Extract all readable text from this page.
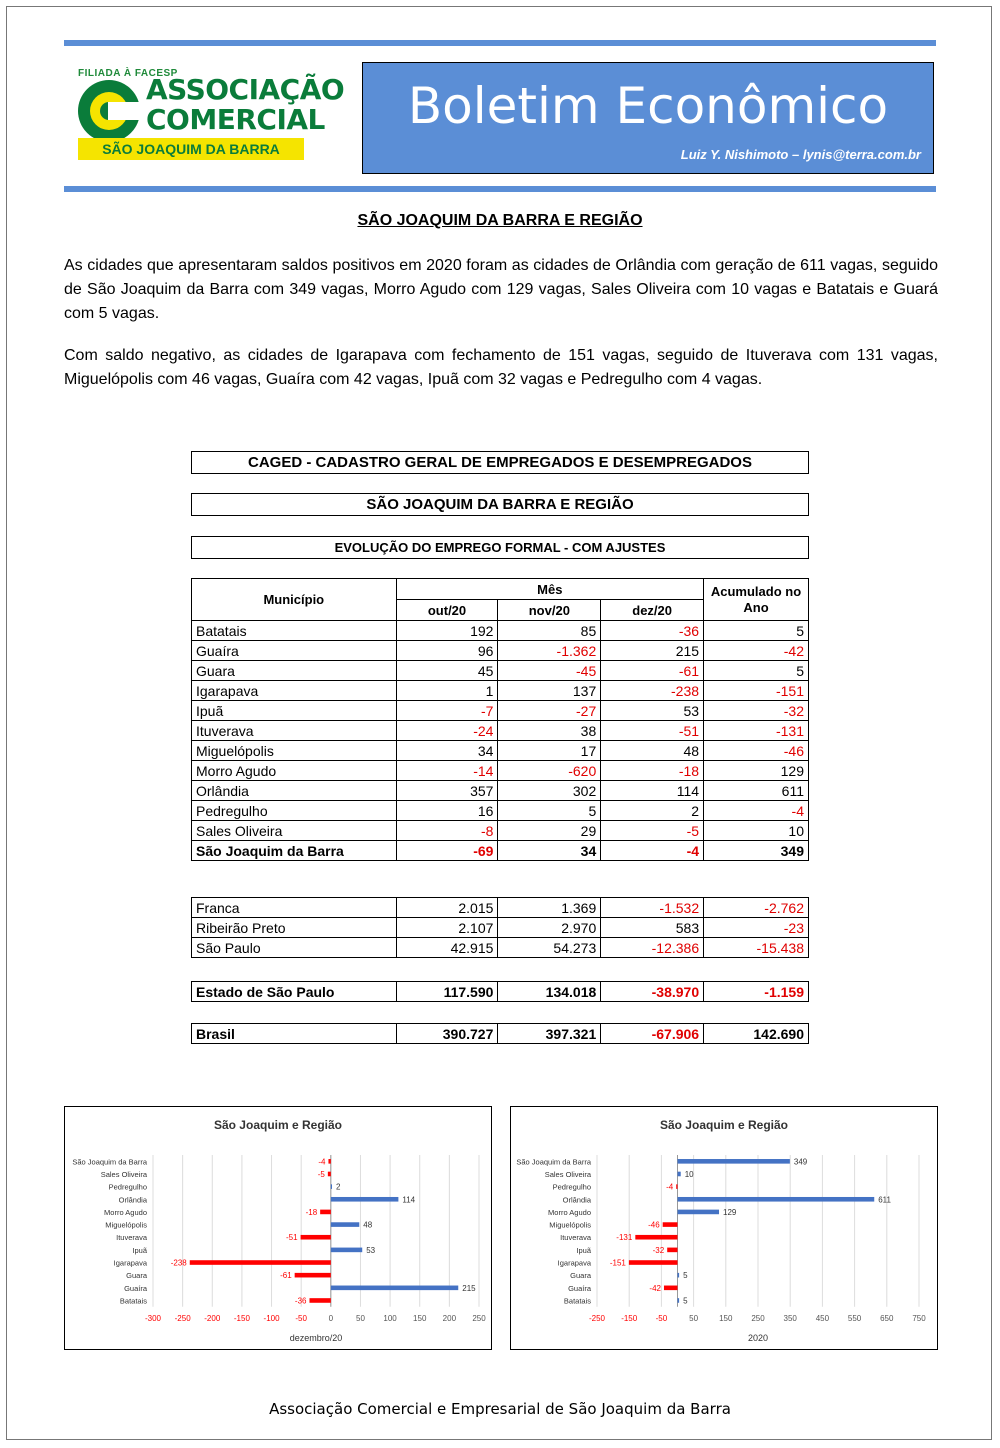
FILIADA À FACESP
ASSOCIAÇÃO
COMERCIAL
SÃO JOAQUIM DA BARRA
Boletim Econômico
Luiz Y. Nishimoto – lynis@terra.com.br
SÃO JOAQUIM DA BARRA E REGIÃO
As cidades que apresentaram saldos positivos em 2020 foram as cidades de Orlândia com geração de 611 vagas, seguido de São Joaquim da Barra com 349 vagas, Morro Agudo com 129 vagas, Sales Oliveira com 10 vagas e Batatais e Guará com 5 vagas.
Com saldo negativo, as cidades de Igarapava com fechamento de 151 vagas, seguido de Ituverava com 131 vagas, Miguelópolis com 46 vagas, Guaíra com 42 vagas, Ipuã com 32 vagas e Pedregulho com 4 vagas.
CAGED - CADASTRO GERAL DE EMPREGADOS E DESEMPREGADOS
SÃO JOAQUIM DA BARRA E REGIÃO
EVOLUÇÃO DO EMPREGO FORMAL - COM AJUSTES
Município	Mês			Acumulado no Ano
	out/20	nov/20	dez/20	
Batatais	192	85	-36	5
Guaíra	96	-1.362	215	-42
Guara	45	-45	-61	5
Igarapava	1	137	-238	-151
Ipuã	-7	-27	53	-32
Ituverava	-24	38	-51	-131
Miguelópolis	34	17	48	-46
Morro Agudo	-14	-620	-18	129
Orlândia	357	302	114	611
Pedregulho	16	5	2	-4
Sales Oliveira	-8	29	-5	10
São Joaquim da Barra	-69	34	-4	349
Franca	2.015	1.369	-1.532	-2.762
Ribeirão Preto	2.107	2.970	583	-23
São Paulo	42.915	54.273	-12.386	-15.438
Estado de São Paulo	117.590	134.018	-38.970	-1.159
Brasil	390.727	397.321	-67.906	142.690
São Joaquim e Região
-300 -250 -200 -150 -100 -50	0	50 100 150 200 250
São Joaquim da Barra	-4
Sales Oliveira	-5
Pedregulho	2
Orlândia	114
Morro Agudo	-18
Miguelópolis	48
Ituverava	-51
Ipuã	53
Igarapava	-238
Guara	-61
Guaíra	215
Batatais	-36
dezembro/20
São Joaquim e Região
-250 -150 -50	50	150 250 350 450 550 650 750
São Joaquim da Barra	349
Sales Oliveira	10
Pedregulho	-4
Orlândia	611
Morro Agudo	129
Miguelópolis	-46
Ituverava	-131
Ipuã	-32
Igarapava -151
Guara	5
Guaíra	-42
Batatais	5
2020
Associação Comercial e Empresarial de São Joaquim da Barra
